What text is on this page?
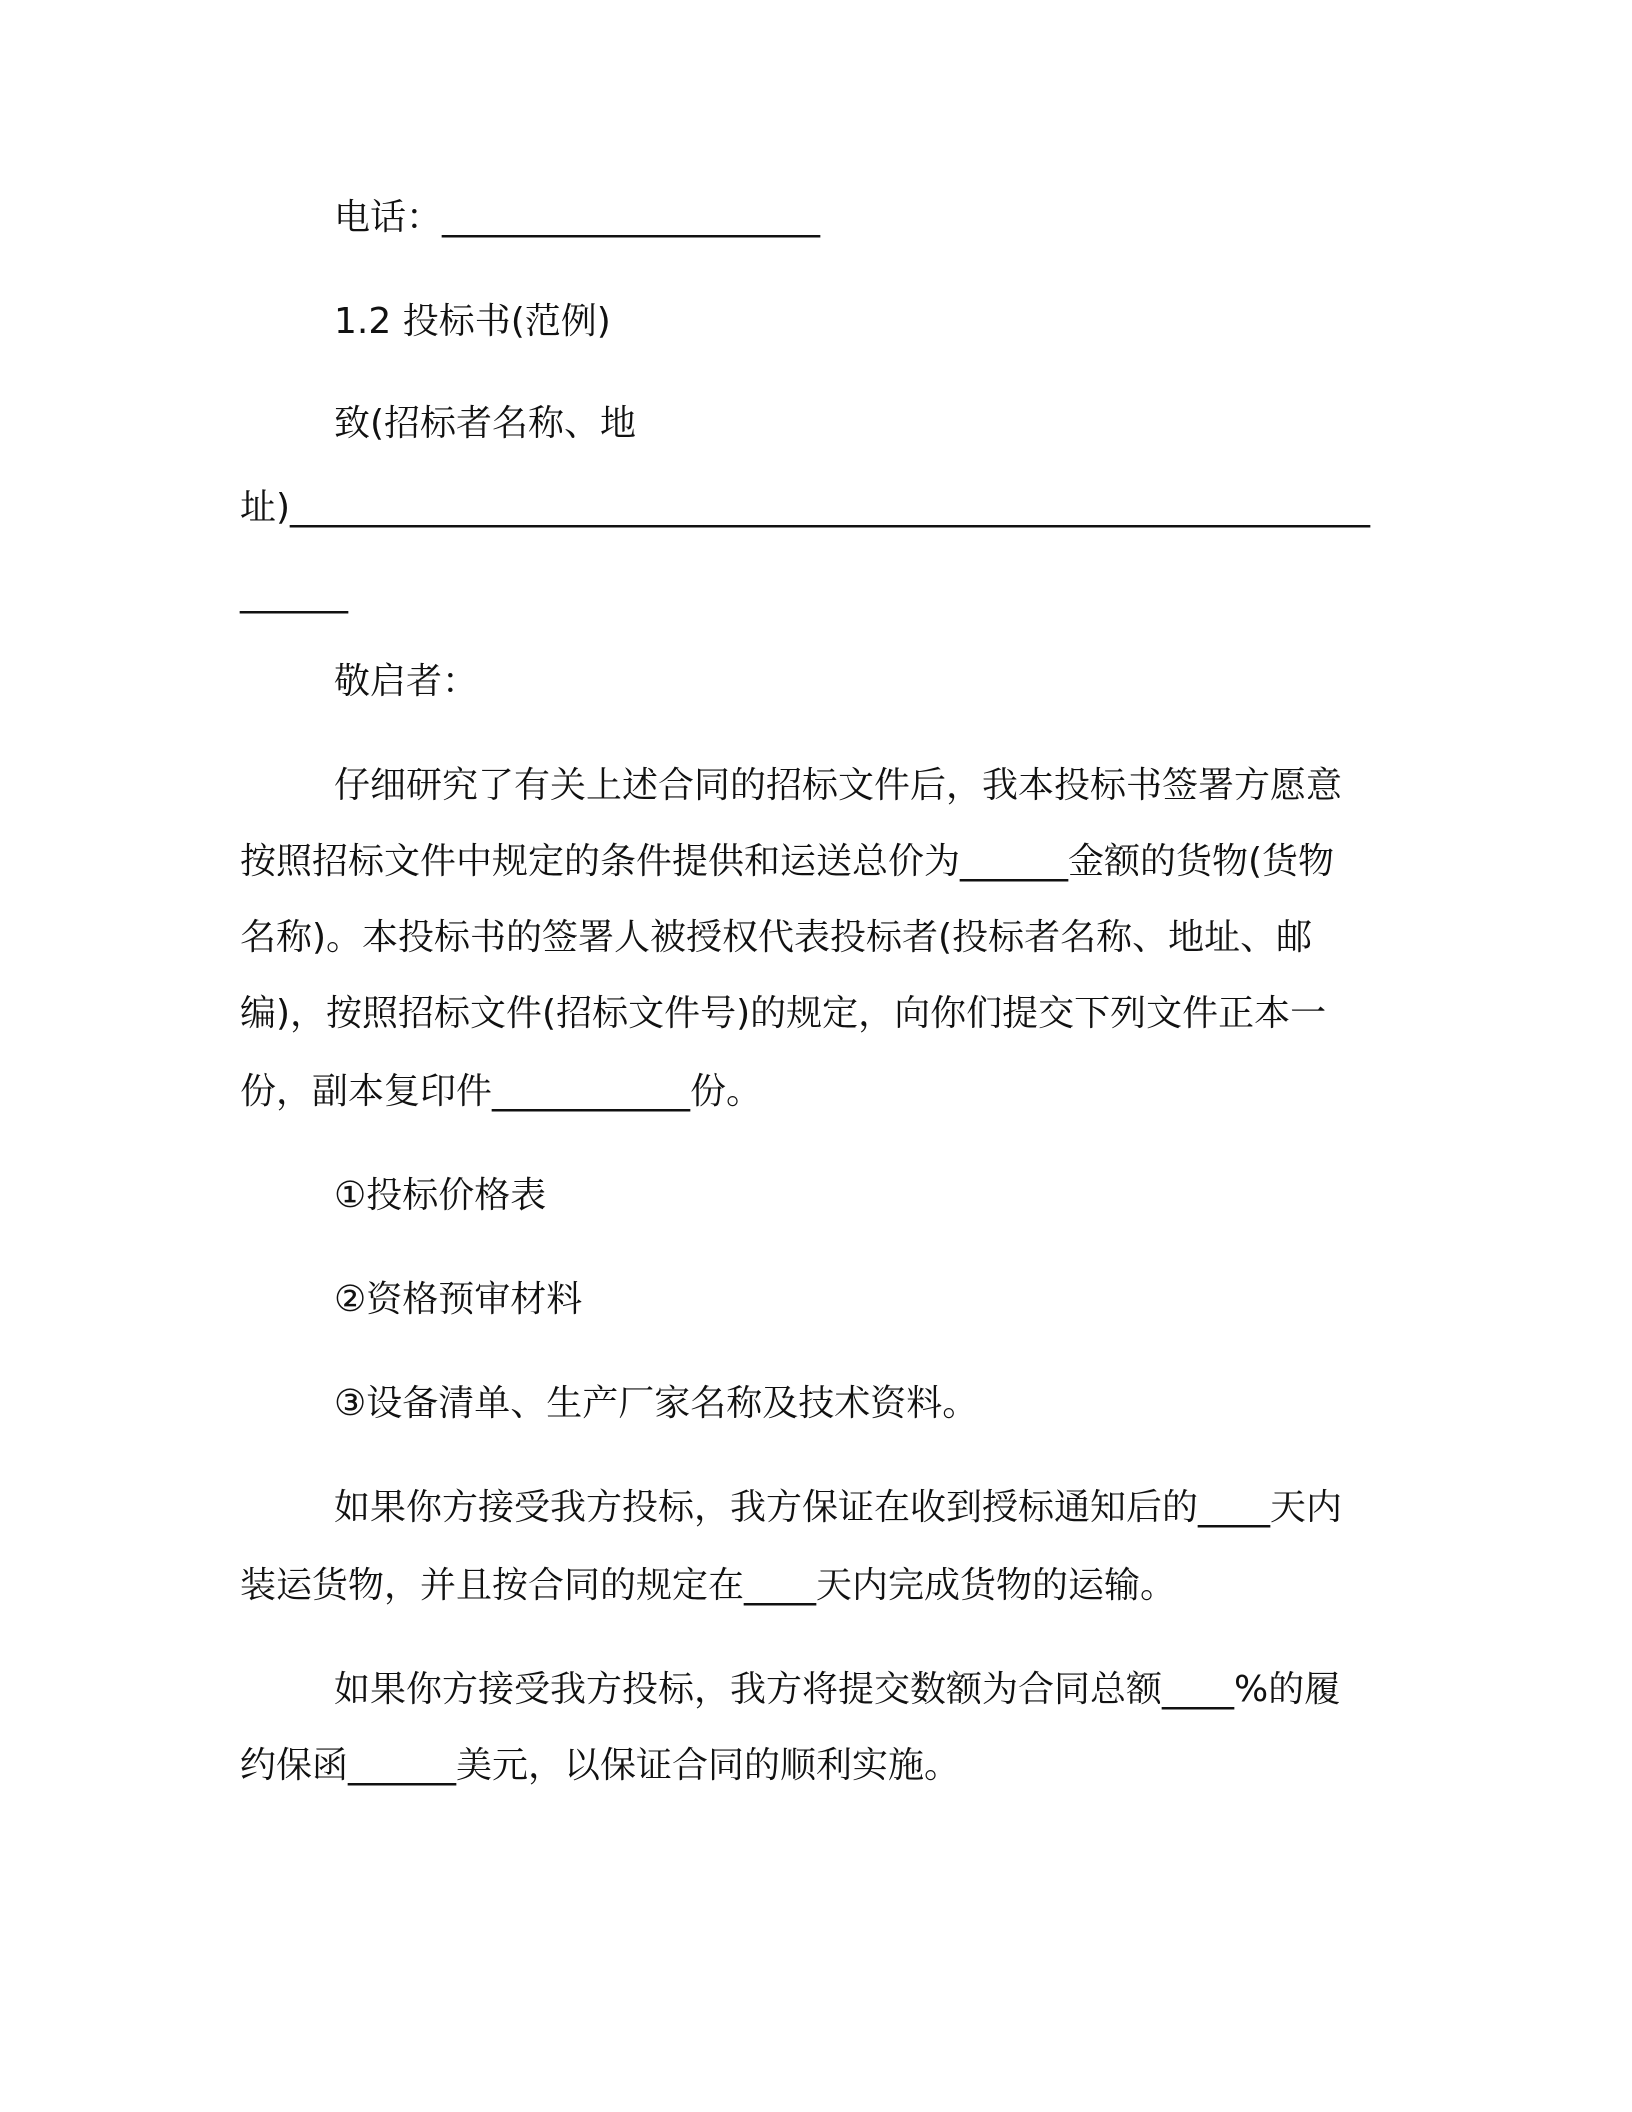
电话：_____________________
1.2 投标书(范例)
致(招标者名称、地
址)____________________________________________________________
______
敬启者：
仔细研究了有关上述合同的招标文件后，我本投标书签署方愿意
按照招标文件中规定的条件提供和运送总价为______金额的货物(货物
名称)。本投标书的签署人被授权代表投标者(投标者名称、地址、邮
编)，按照招标文件(招标文件号)的规定，向你们提交下列文件正本一
份，副本复印件___________份。
①投标价格表
②资格预审材料
③设备清单、生产厂家名称及技术资料。
如果你方接受我方投标，我方保证在收到授标通知后的____天内
装运货物，并且按合同的规定在____天内完成货物的运输。
如果你方接受我方投标，我方将提交数额为合同总额____%的履
约保函______美元，以保证合同的顺利实施。
